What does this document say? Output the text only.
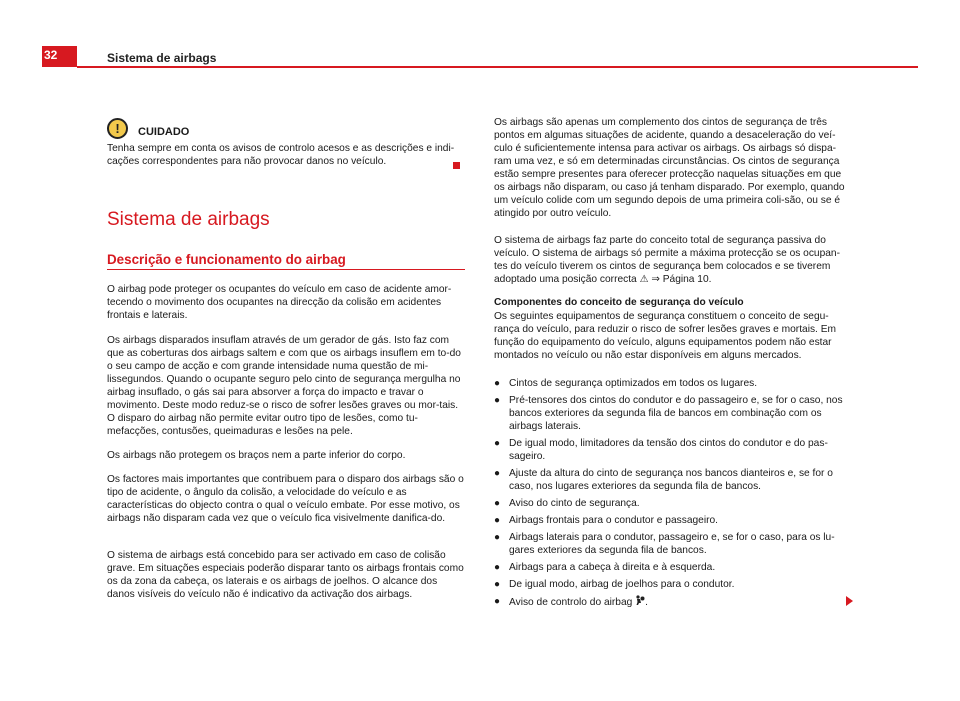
32	Sistema de airbags
!	CUIDADO
Tenha sempre em conta os avisos de controlo acesos e as descrições e indi-cações correspondentes para não provocar danos no veículo.
Sistema de airbags
Descrição e funcionamento do airbag

O airbag pode proteger os ocupantes do veículo em caso de acidente amor-tecendo o movimento dos ocupantes na direcção da colisão em acidentes frontais e laterais.

Os airbags disparados insuflam através de um gerador de gás. Isto faz com que as coberturas dos airbags saltem e com que os airbags insuflem em to-do o seu campo de acção e com grande intensidade numa questão de mi-lissegundos. Quando o ocupante seguro pelo cinto de segurança mergulha no airbag insuflado, o gás sai para absorver a força do impacto e travar o movimento. Deste modo reduz-se o risco de sofrer lesões graves ou mor-tais. O disparo do airbag não permite evitar outro tipo de lesões, como tu-mefacções, contusões, queimaduras e lesões na pele.

Os airbags não protegem os braços nem a parte inferior do corpo.

Os factores mais importantes que contribuem para o disparo dos airbags são o tipo de acidente, o ângulo da colisão, a velocidade do veículo e as características do objecto contra o qual o veículo embate. Por esse motivo, os airbags não disparam cada vez que o veículo fica visivelmente danifica-do.

O sistema de airbags está concebido para ser activado em caso de colisão grave. Em situações especiais poderão disparar tanto os airbags frontais como os da zona da cabeça, os laterais e os airbags de joelhos. O alcance dos danos visíveis do veículo não é indicativo da activação dos airbags.

Os airbags são apenas um complemento dos cintos de segurança de três pontos em algumas situações de acidente, quando a desaceleração do veí-culo é suficientemente intensa para activar os airbags. Os airbags só dispa-ram uma vez, e só em determinadas circunstâncias. Os cintos de segurança estão sempre presentes para oferecer protecção naquelas situações em que os airbags não disparam, ou caso já tenham disparado. Por exemplo, quando um veículo colide com um segundo depois de uma primeira coli-são, ou se é atingido por outro veículo.

O sistema de airbags faz parte do conceito total de segurança passiva do veículo. O sistema de airbags só permite a máxima protecção se os ocupan-tes do veículo tiverem os cintos de segurança bem colocados e se tiverem adoptado uma posição correcta ⚠ ⇒ Página 10.

Componentes do conceito de segurança do veículo

Os seguintes equipamentos de segurança constituem o conceito de segu-rança do veículo, para reduzir o risco de sofrer lesões graves e mortais. Em função do equipamento do veículo, alguns equipamentos podem não estar montados no veículo ou não estar disponíveis em alguns mercados.

● Cintos de segurança optimizados em todos os lugares.
● Pré-tensores dos cintos do condutor e do passageiro e, se for o caso, nos bancos exteriores da segunda fila de bancos em combinação com os airbags laterais.
● De igual modo, limitadores da tensão dos cintos do condutor e do pas-sageiro.
● Ajuste da altura do cinto de segurança nos bancos dianteiros e, se for o caso, nos lugares exteriores da segunda fila de bancos.
● Aviso do cinto de segurança.
● Airbags frontais para o condutor e passageiro.
● Airbags laterais para o condutor, passageiro e, se for o caso, para os lu-gares exteriores da segunda fila de bancos.
● Airbags para a cabeça à direita e à esquerda.
● De igual modo, airbag de joelhos para o condutor.
● Aviso de controlo do airbag .
